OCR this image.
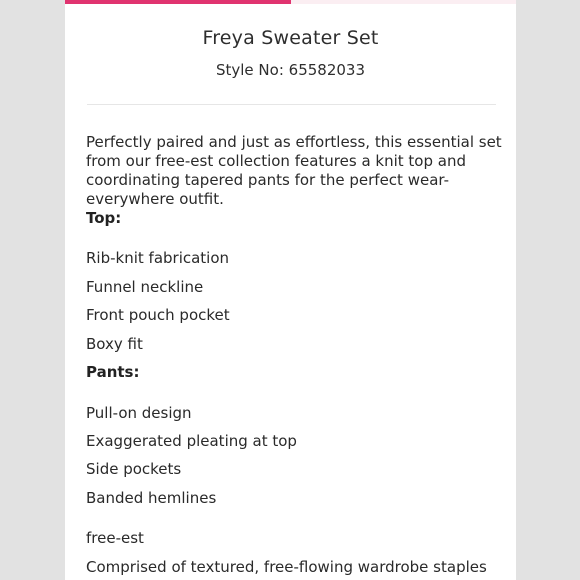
Freya Sweater Set
Style No: 65582033

Perfectly paired and just as effortless, this essential set from our free-est collection features a knit top and coordinating tapered pants for the perfect wear-everywhere outfit.

Top:
Rib-knit fabrication
Funnel neckline
Front pouch pocket
Boxy fit
Pants:
Pull-on design
Exaggerated pleating at top
Side pockets
Banded hemlines
free-est
Comprised of textured, free-flowing wardrobe staples
